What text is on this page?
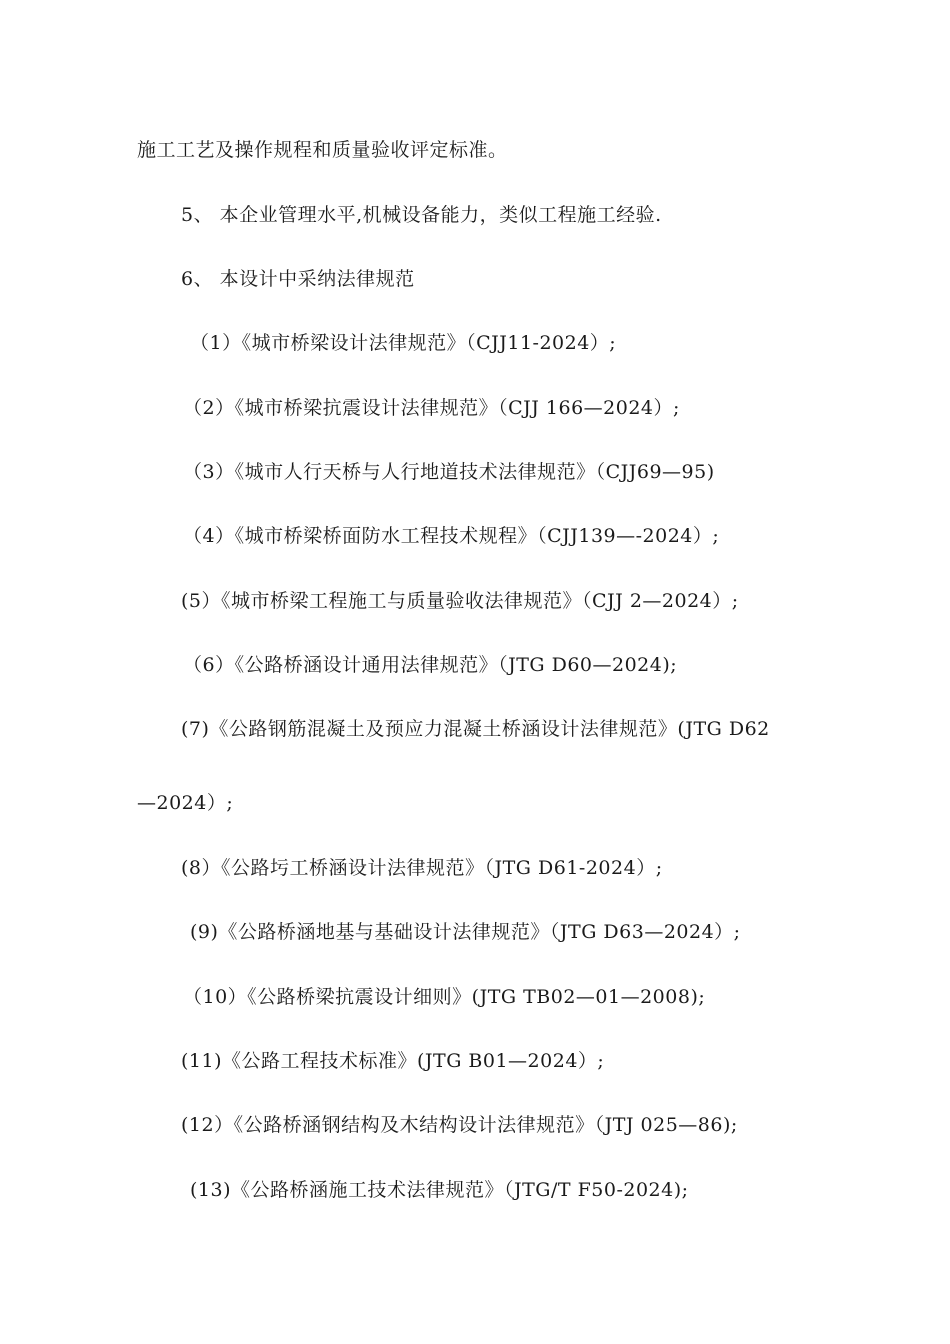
施工工艺及操作规程和质量验收评定标准。
5、 本企业管理水平,机械设备能力，类似工程施工经验.
6、 本设计中采纳法律规范
（1）《城市桥梁设计法律规范》（CJJ11-2024）;
（2）《城市桥梁抗震设计法律规范》（CJJ 166—2024）;
（3）《城市人行天桥与人行地道技术法律规范》（CJJ69—95)
（4）《城市桥梁桥面防水工程技术规程》（CJJ139—-2024）;
(5）《城市桥梁工程施工与质量验收法律规范》（CJJ 2—2024）;
（6）《公路桥涵设计通用法律规范》（JTG D60—2024);
(7)《公路钢筋混凝土及预应力混凝土桥涵设计法律规范》(JTG D62
—2024）;
(8）《公路圬工桥涵设计法律规范》（JTG D61-2024）;
(9)《公路桥涵地基与基础设计法律规范》（JTG D63—2024）;
（10）《公路桥梁抗震设计细则》(JTG TB02—01—2008);
(11)《公路工程技术标准》(JTG B01—2024）;
(12）《公路桥涵钢结构及木结构设计法律规范》（JTJ 025—86);
(13)《公路桥涵施工技术法律规范》（JTG/T F50-2024);
